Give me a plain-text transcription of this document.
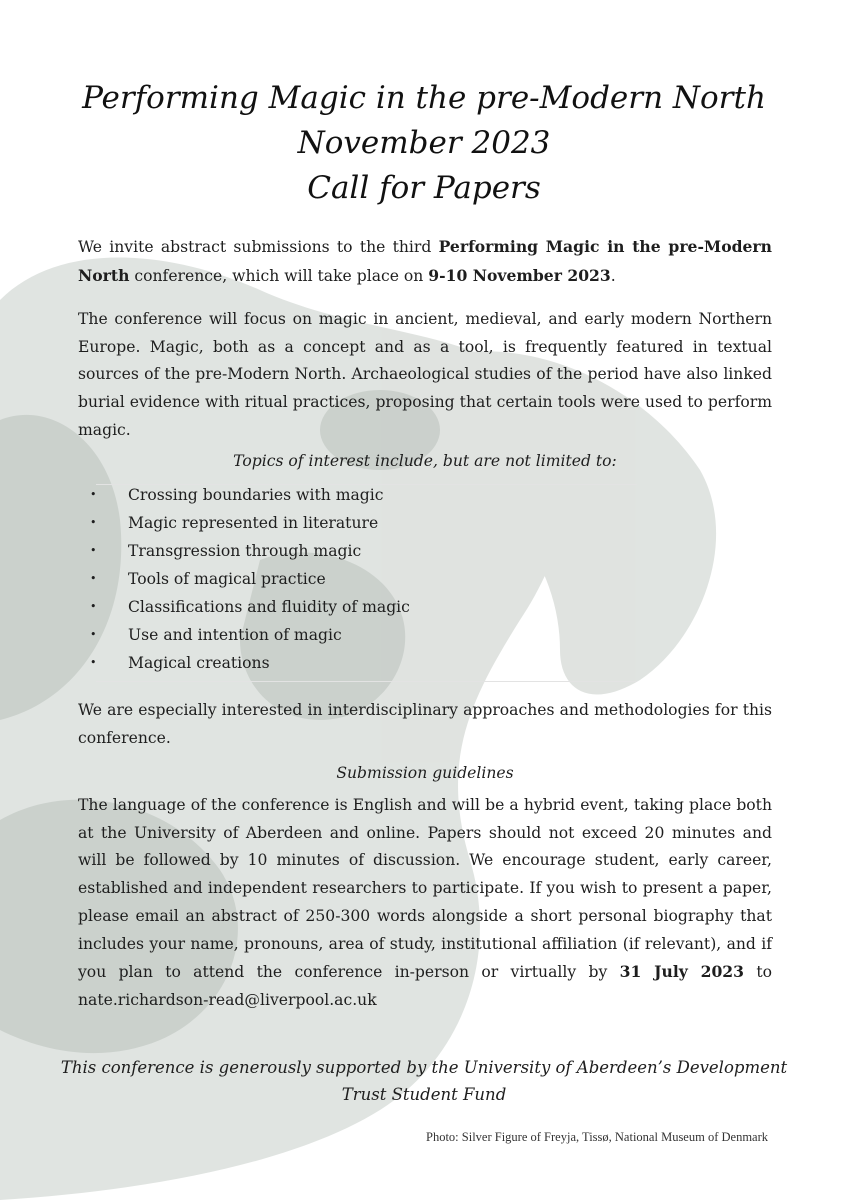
Performing Magic in the pre-Modern North
November 2023
Call for Papers

We invite abstract submissions to the third Performing Magic in the pre-Modern North conference, which will take place on 9-10 November 2023.

The conference will focus on magic in ancient, medieval, and early modern Northern Europe. Magic, both as a concept and as a tool, is frequently featured in textual sources of the pre-Modern North. Archaeological studies of the period have also linked burial evidence with ritual practices, proposing that certain tools were used to perform magic.

Topics of interest include, but are not limited to:
• Crossing boundaries with magic
• Magic represented in literature
• Transgression through magic
• Tools of magical practice
• Classifications and fluidity of magic
• Use and intention of magic
• Magical creations

We are especially interested in interdisciplinary approaches and methodologies for this conference.

Submission guidelines

The language of the conference is English and will be a hybrid event, taking place both at the University of Aberdeen and online. Papers should not exceed 20 minutes and will be followed by 10 minutes of discussion. We encourage student, early career, established and independent researchers to participate. If you wish to present a paper, please email an abstract of 250-300 words alongside a short personal biography that includes your name, pronouns, area of study, institutional affiliation (if relevant), and if you plan to attend the conference in-person or virtually by 31 July 2023 to nate.richardson-read@liverpool.ac.uk

This conference is generously supported by the University of Aberdeen’s Development
Trust Student Fund
Photo: Silver Figure of Freyja, Tissø, National Museum of Denmark
